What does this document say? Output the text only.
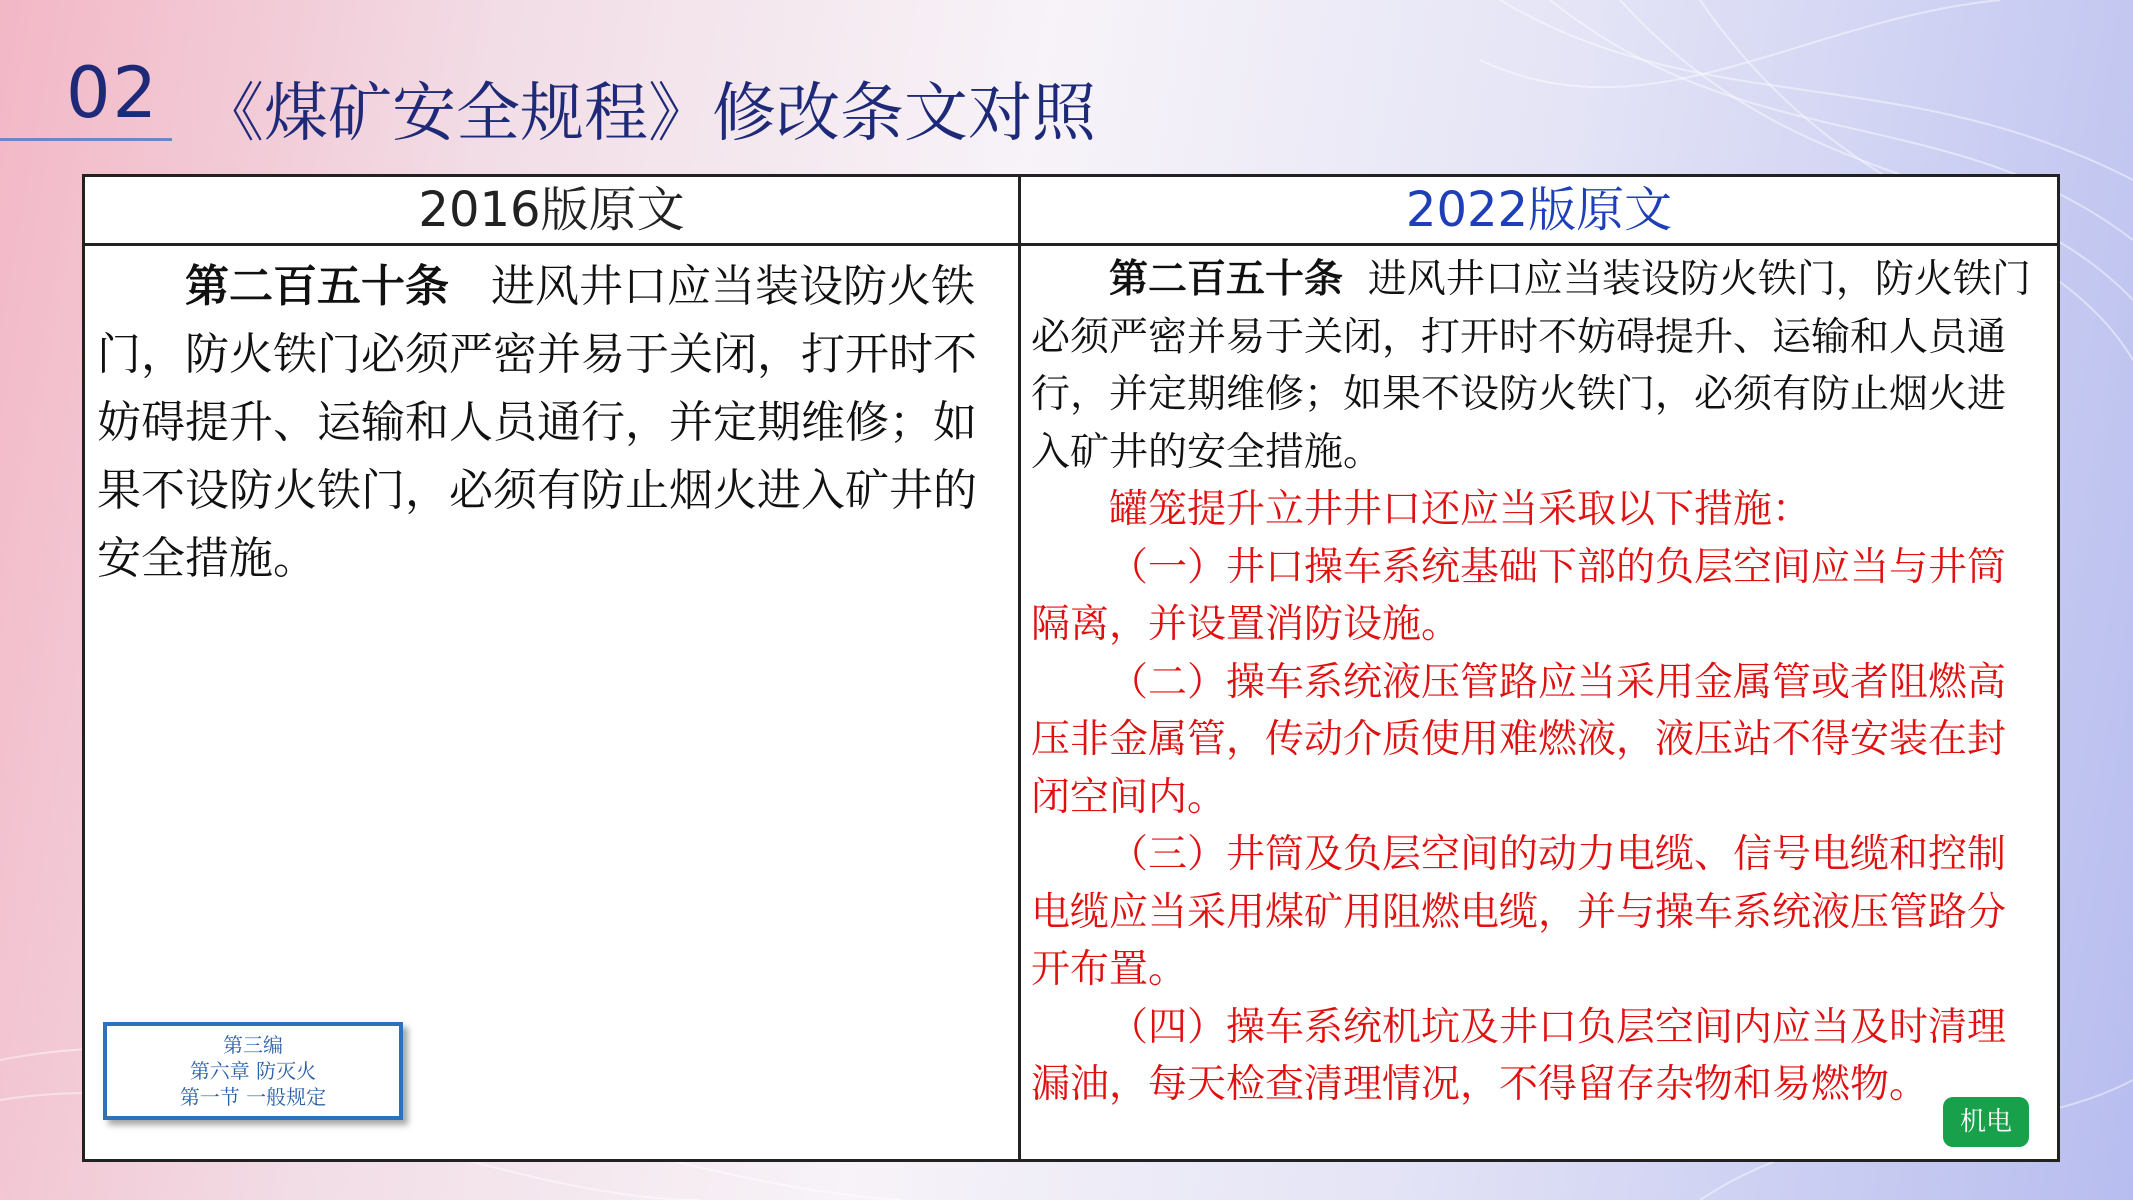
02 《煤矿安全规程》修改条文对照
2016版原文	2022版原文

第二百五十条 进风井口应当装设防火铁门，防火铁门必须严密并易于关闭，打开时不妨碍提升、运输和人员通行，并定期维修；如果不设防火铁门，必须有防止烟火进入矿井的安全措施。

第二百五十条 进风井口应当装设防火铁门，防火铁门必须严密并易于关闭，打开时不妨碍提升、运输和人员通行，并定期维修；如果不设防火铁门，必须有防止烟火进入矿井的安全措施。

罐笼提升立井井口还应当采取以下措施：

（一）井口操车系统基础下部的负层空间应当与井筒隔离，并设置消防设施。

（二）操车系统液压管路应当采用金属管或者阻燃高压非金属管，传动介质使用难燃液，液压站不得安装在封闭空间内。

（三）井筒及负层空间的动力电缆、信号电缆和控制电缆应当采用煤矿用阻燃电缆，并与操车系统液压管路分开布置。

（四）操车系统机坑及井口负层空间内应当及时清理漏油，每天检查清理情况，不得留存杂物和易燃物。

第三编
第六章 防灭火
第一节 一般规定
机电
